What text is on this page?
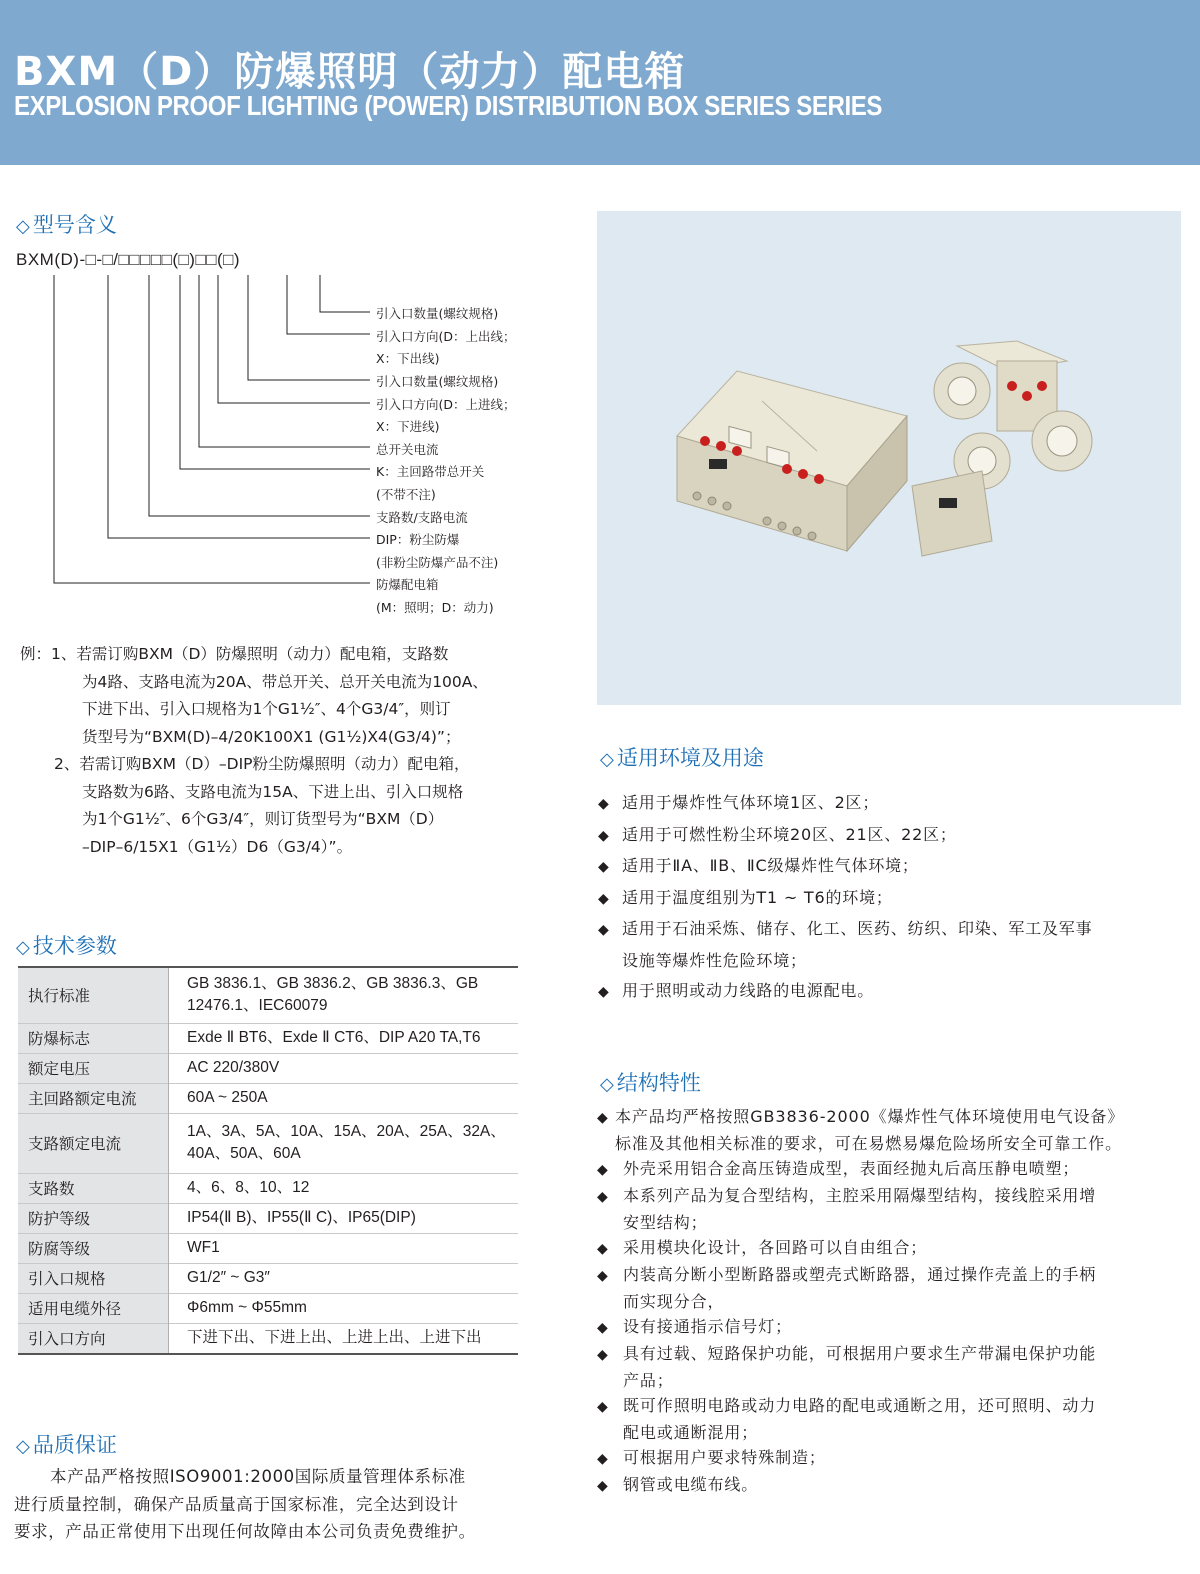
BXM（D）防爆照明（动力）配电箱
EXPLOSION PROOF LIGHTING (POWER) DISTRIBUTION BOX SERIES SERIES
◇ 型号含义
BXM(D)-□-□/□□□□□(□)□□(□)
引入口数量(螺纹规格)
引入口方向(D：上出线；
X：下出线)
引入口数量(螺纹规格)
引入口方向(D：上进线；
X：下进线)
总开关电流
K：主回路带总开关
(不带不注)
支路数/支路电流
DIP：粉尘防爆
(非粉尘防爆产品不注)
防爆配电箱
(M：照明；D：动力)
例：1、若需订购BXM（D）防爆照明（动力）配电箱，支路数
为4路、支路电流为20A、带总开关、总开关电流为100A、
下进下出、引入口规格为1个G1½″、4个G3/4″，则订
货型号为“BXM(D)–4/20K100X1 (G1½)X4(G3/4)”；
2、若需订购BXM（D）–DIP粉尘防爆照明（动力）配电箱，
支路数为6路、支路电流为15A、下进上出、引入口规格
为1个G1½″、6个G3/4″，则订货型号为“BXM（D）
–DIP–6/15X1（G1½）D6（G3/4）”。
◇ 技术参数
执行标准	GB 3836.1、GB 3836.2、GB 3836.3、GB 12476.1、IEC60079
防爆标志	Exde Ⅱ BT6、Exde Ⅱ CT6、DIP A20 TA,T6
额定电压	AC 220/380V
主回路额定电流	60A ~ 250A
支路额定电流	1A、3A、5A、10A、15A、20A、25A、32A、40A、50A、60A
支路数	4、6、8、10、12
防护等级	IP54(Ⅱ B)、IP55(Ⅱ C)、IP65(DIP)
防腐等级	WF1
引入口规格	G1/2″ ~ G3″
适用电缆外径	Φ6mm ~ Φ55mm
引入口方向	下进下出、下进上出、上进上出、上进下出
◇ 品质保证
本产品严格按照ISO9001:2000国际质量管理体系标准
进行质量控制，确保产品质量高于国家标准，完全达到设计
要求，产品正常使用下出现任何故障由本公司负责免费维护。
◇ 适用环境及用途
◆ 适用于爆炸性气体环境1区、2区；
◆ 适用于可燃性粉尘环境20区、21区、22区；
◆ 适用于ⅡA、ⅡB、ⅡC级爆炸性气体环境；
◆ 适用于温度组别为T1 ~ T6的环境；
◆ 适用于石油采炼、储存、化工、医药、纺织、印染、军工及军事
设施等爆炸性危险环境；
◆ 用于照明或动力线路的电源配电。
◇ 结构特性
◆ 本产品均严格按照GB3836-2000《爆炸性气体环境使用电气设备》
标准及其他相关标准的要求，可在易燃易爆危险场所安全可靠工作。
◆ 外壳采用铝合金高压铸造成型，表面经抛丸后高压静电喷塑；
◆ 本系列产品为复合型结构，主腔采用隔爆型结构，接线腔采用增
安型结构；
◆ 采用模块化设计，各回路可以自由组合；
◆ 内装高分断小型断路器或塑壳式断路器，通过操作壳盖上的手柄
而实现分合，
◆ 设有接通指示信号灯；
◆ 具有过载、短路保护功能，可根据用户要求生产带漏电保护功能
产品；
◆ 既可作照明电路或动力电路的配电或通断之用，还可照明、动力
配电或通断混用；
◆ 可根据用户要求特殊制造；
◆ 钢管或电缆布线。
